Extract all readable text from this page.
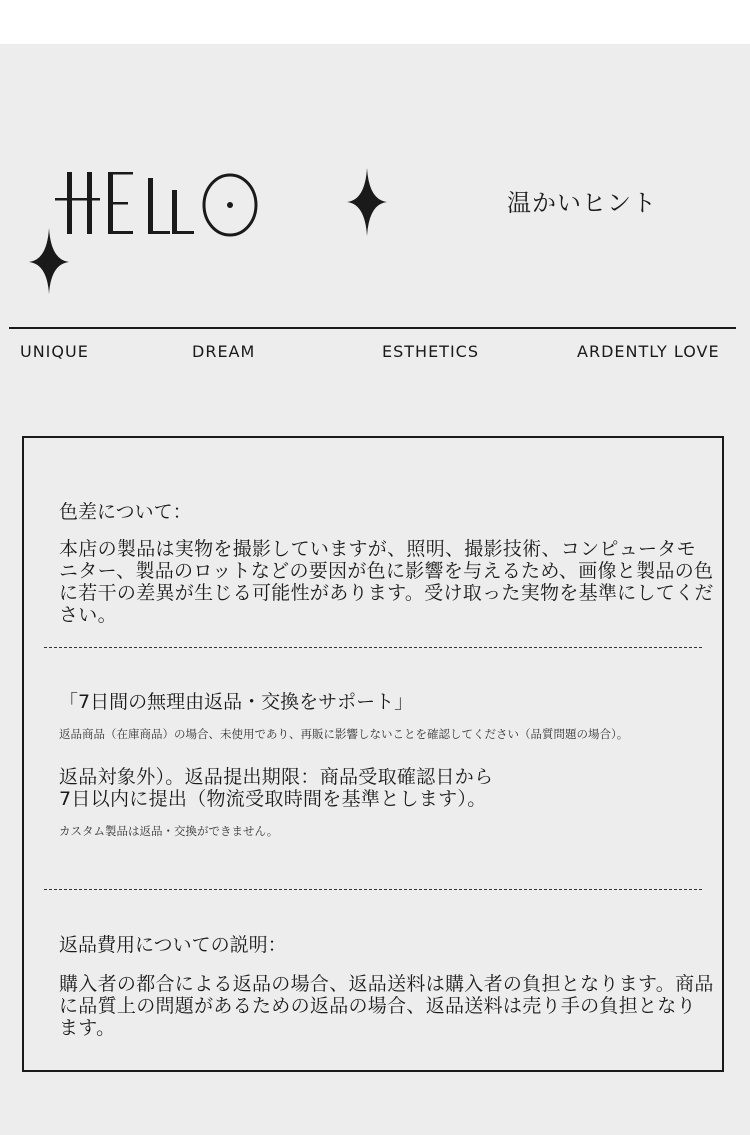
温かいヒント
UNIQUE	DREAM	ESTHETICS	ARDENTLY LOVE
色差について：
本店の製品は実物を撮影していますが、照明、撮影技術、コンピュータモニター、製品のロットなどの要因が色に影響を与えるため、画像と製品の色に若干の差異が生じる可能性があります。受け取った実物を基準にしてください。
「7日間の無理由返品・交換をサポート」
返品商品（在庫商品）の場合、未使用であり、再販に影響しないことを確認してください（品質問題の場合）。
返品対象外）。返品提出期限：商品受取確認日から
7日以内に提出（物流受取時間を基準とします）。
カスタム製品は返品・交換ができません。
返品費用についての説明：
購入者の都合による返品の場合、返品送料は購入者の負担となります。商品に品質上の問題があるための返品の場合、返品送料は売り手の負担となります。
